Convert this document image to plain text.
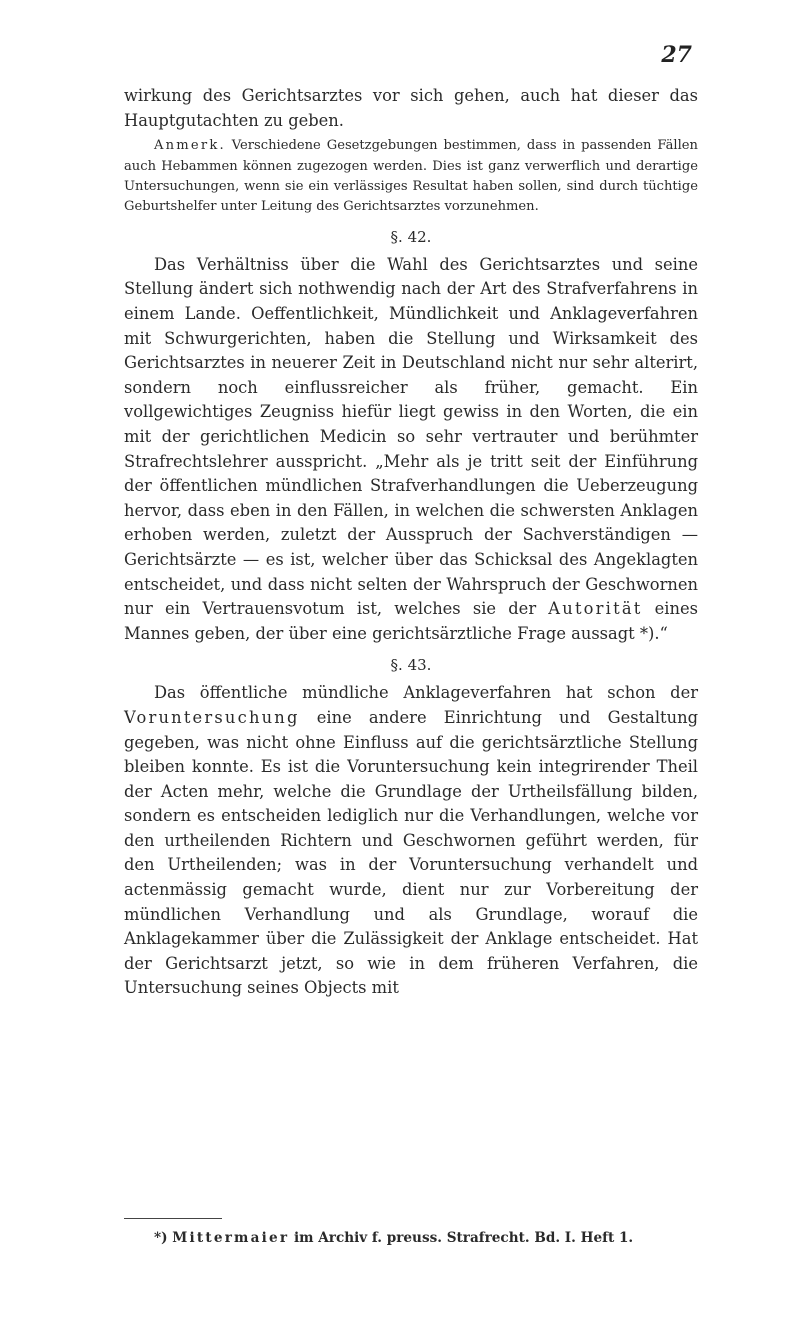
27

wirkung des Gerichtsarztes vor sich gehen, auch hat dieser das Hauptgutachten zu geben.

Anmerk. Verschiedene Gesetzgebungen bestimmen, dass in passenden Fällen auch Hebammen können zugezogen werden. Dies ist ganz verwerflich und derartige Untersuchungen, wenn sie ein verlässiges Resultat haben sollen, sind durch tüchtige Geburtshelfer unter Leitung des Gerichtsarztes vorzunehmen.

§. 42.

Das Verhältniss über die Wahl des Gerichtsarztes und seine Stellung ändert sich nothwendig nach der Art des Strafverfahrens in einem Lande. Oeffentlichkeit, Mündlichkeit und Anklageverfahren mit Schwurgerichten, haben die Stellung und Wirksamkeit des Gerichtsarztes in neuerer Zeit in Deutschland nicht nur sehr alterirt, sondern noch einflussreicher als früher, gemacht. Ein vollgewichtiges Zeugniss hiefür liegt gewiss in den Worten, die ein mit der gerichtlichen Medicin so sehr vertrauter und berühmter Strafrechtslehrer ausspricht. „Mehr als je tritt seit der Einführung der öffentlichen mündlichen Strafverhandlungen die Ueberzeugung hervor, dass eben in den Fällen, in welchen die schwersten Anklagen erhoben werden, zuletzt der Ausspruch der Sachverständigen — Gerichtsärzte — es ist, welcher über das Schicksal des Angeklagten entscheidet, und dass nicht selten der Wahrspruch der Geschwornen nur ein Vertrauensvotum ist, welches sie der Autorität eines Mannes geben, der über eine gerichtsärztliche Frage aussagt *).“

§. 43.

Das öffentliche mündliche Anklageverfahren hat schon der Voruntersuchung eine andere Einrichtung und Gestaltung gegeben, was nicht ohne Einfluss auf die gerichtsärztliche Stellung bleiben konnte. Es ist die Voruntersuchung kein integrirender Theil der Acten mehr, welche die Grundlage der Urtheilsfällung bilden, sondern es entscheiden lediglich nur die Verhandlungen, welche vor den urtheilenden Richtern und Geschwornen geführt werden, für den Urtheilenden; was in der Voruntersuchung verhandelt und actenmässig gemacht wurde, dient nur zur Vorbereitung der mündlichen Verhandlung und als Grundlage, worauf die Anklagekammer über die Zulässigkeit der Anklage entscheidet. Hat der Gerichtsarzt jetzt, so wie in dem früheren Verfahren, die Untersuchung seines Objects mit

*) Mittermaier im Archiv f. preuss. Strafrecht. Bd. I. Heft 1.
